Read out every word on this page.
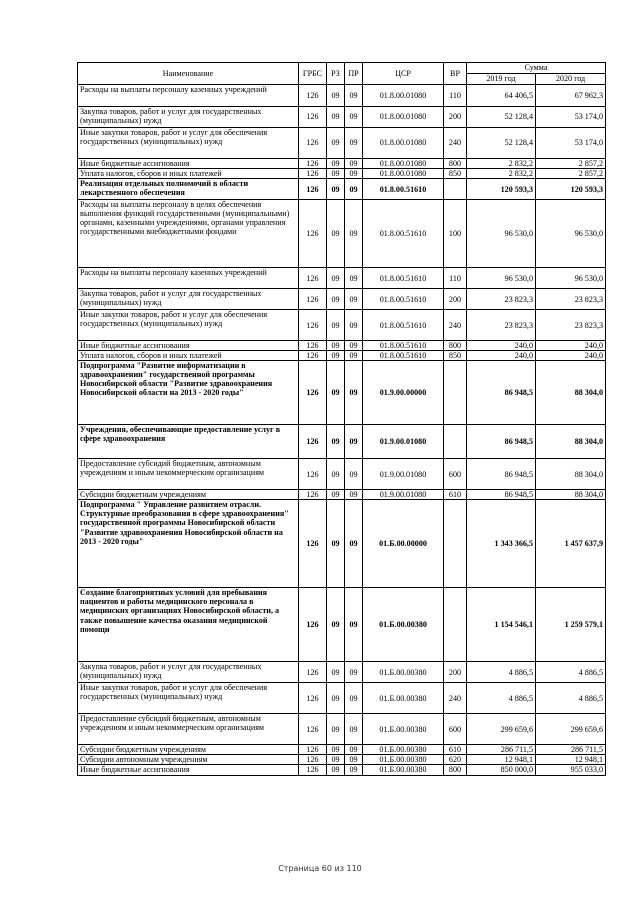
Наименование	ГРБС	РЗ	ПР	ЦСР	ВР	Сумма	
						2019 год	2020 год
Расходы на выплаты персоналу казенных учреждений	126	09	09	01.8.00.01080	110	64 406,5	67 962,3
Закупка товаров, работ и услуг для государственных (муниципальных) нужд	126	09	09	01.8.00.01080	200	52 128,4	53 174,0
Иные закупки товаров, работ и услуг для обеспечения государственных (муниципальных) нужд	126	09	09	01.8.00.01080	240	52 128,4	53 174,0
Иные бюджетные ассигнования	126	09	09	01.8.00.01080	800	2 832,2	2 857,2
Уплата налогов, сборов и иных платежей	126	09	09	01.8.00.01080	850	2 832,2	2 857,2
Реализация отдельных полномочий в области лекарственного обеспечения	126	09	09	01.8.00.51610		120 593,3	120 593,3
Расходы на выплаты персоналу в целях обеспечения выполнения функций государственными (муниципальными) органами, казенными учреждениями, органами управления государственными внебюджетными фондами	126	09	09	01.8.00.51610	100	96 530,0	96 530,0
Расходы на выплаты персоналу казенных учреждений	126	09	09	01.8.00.51610	110	96 530,0	96 530,0
Закупка товаров, работ и услуг для государственных (муниципальных) нужд	126	09	09	01.8.00.51610	200	23 823,3	23 823,3
Иные закупки товаров, работ и услуг для обеспечения государственных (муниципальных) нужд	126	09	09	01.8.00.51610	240	23 823,3	23 823,3
Иные бюджетные ассигнования	126	09	09	01.8.00.51610	800	240,0	240,0
Уплата налогов, сборов и иных платежей	126	09	09	01.8.00.51610	850	240,0	240,0
Подпрограмма "Развитие информатизации в здравоохранении" государственной программы Новосибирской области "Развитие здравоохранения Новосибирской области на 2013 - 2020 годы"	126	09	09	01.9.00.00000		86 948,5	88 304,0
Учреждения, обеспечивающие предоставление услуг в сфере здравоохранения	126	09	09	01.9.00.01080		86 948,5	88 304,0
Предоставление субсидий бюджетным, автономным учреждениям и иным некоммерческим организациям	126	09	09	01.9.00.01080	600	86 948,5	88 304,0
Субсидии бюджетным учреждениям	126	09	09	01.9.00.01080	610	86 948,5	88 304,0
Подпрограмма " Управление развитием отрасли. Структурные преобразования в сфере здравоохранения" государственной программы Новосибирской области "Развитие здравоохранения Новосибирской области на 2013 - 2020 годы"	126	09	09	01.Б.00.00000		1 343 366,5	1 457 637,9
Создание благоприятных условий для пребывания пациентов и работы медицинского персонала в медицинских организациях Новосибирской области, а также повышение качества оказания медицинской помощи	126	09	09	01.Б.00.00380		1 154 546,1	1 259 579,1
Закупка товаров, работ и услуг для государственных (муниципальных) нужд	126	09	09	01.Б.00.00380	200	4 886,5	4 886,5
Иные закупки товаров, работ и услуг для обеспечения государственных (муниципальных) нужд	126	09	09	01.Б.00.00380	240	4 886,5	4 886,5
Предоставление субсидий бюджетным, автономным учреждениям и иным некоммерческим организациям	126	09	09	01.Б.00.00380	600	299 659,6	299 659,6
Субсидии бюджетным учреждениям	126	09	09	01.Б.00.00380	610	286 711,5	286 711,5
Субсидии автономным учреждениям	126	09	09	01.Б.00.00380	620	12 948,1	12 948,1
Иные бюджетные ассигнования	126	09	09	01.Б.00.00380	800	850 000,0	955 033,0
Страница 60 из 110
